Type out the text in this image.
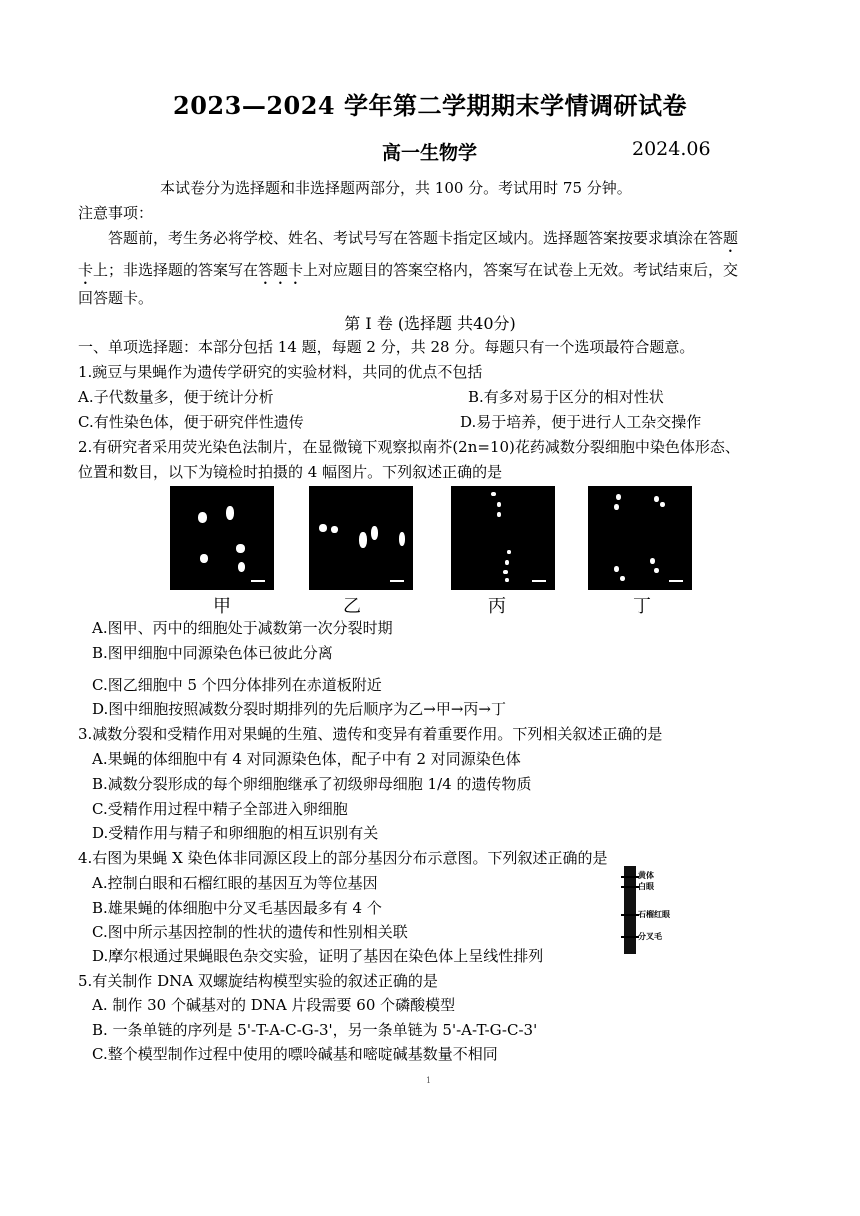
2023—2024 学年第二学期期末学情调研试卷
高一生物学	2024.06
本试卷分为选择题和非选择题两部分，共 100 分。考试用时 75 分钟。
注意事项：
答题前，考生务必将学校、姓名、考试号写在答题卡指定区域内。选择题答案按要求填涂在答题
卡上；非选择题的答案写在答题卡上对应题目的答案空格内，答案写在试卷上无效。考试结束后，交
回答题卡。
第 Ⅰ 卷 (选择题 共40分)
一、单项选择题：本部分包括 14 题，每题 2 分，共 28 分。每题只有一个选项最符合题意。
1.豌豆与果蝇作为遗传学研究的实验材料，共同的优点不包括
A.子代数量多，便于统计分析	B.有多对易于区分的相对性状
C.有性染色体，便于研究伴性遗传	D.易于培养，便于进行人工杂交操作
2.有研究者采用荧光染色法制片，在显微镜下观察拟南芥(2n=10)花药减数分裂细胞中染色体形态、
位置和数目，以下为镜检时拍摄的 4 幅图片。下列叙述正确的是
甲	乙	丙	丁
A.图甲、丙中的细胞处于减数第一次分裂时期
B.图甲细胞中同源染色体已彼此分离
C.图乙细胞中 5 个四分体排列在赤道板附近
D.图中细胞按照减数分裂时期排列的先后顺序为乙→甲→丙→丁
3.减数分裂和受精作用对果蝇的生殖、遗传和变异有着重要作用。下列相关叙述正确的是
A.果蝇的体细胞中有 4 对同源染色体，配子中有 2 对同源染色体
B.减数分裂形成的每个卵细胞继承了初级卵母细胞 1/4 的遗传物质
C.受精作用过程中精子全部进入卵细胞
D.受精作用与精子和卵细胞的相互识别有关
4.右图为果蝇 X 染色体非同源区段上的部分基因分布示意图。下列叙述正确的是
A.控制白眼和石榴红眼的基因互为等位基因
B.雄果蝇的体细胞中分叉毛基因最多有 4 个
C.图中所示基因控制的性状的遗传和性别相关联
D.摩尔根通过果蝇眼色杂交实验，证明了基因在染色体上呈线性排列
黄体
白眼
石榴红眼
分叉毛
5.有关制作 DNA 双螺旋结构模型实验的叙述正确的是
A. 制作 30 个碱基对的 DNA 片段需要 60 个磷酸模型
B. 一条单链的序列是 5'-T-A-C-G-3'，另一条单链为 5'-A-T-G-C-3'
C.整个模型制作过程中使用的嘌呤碱基和嘧啶碱基数量不相同
1
